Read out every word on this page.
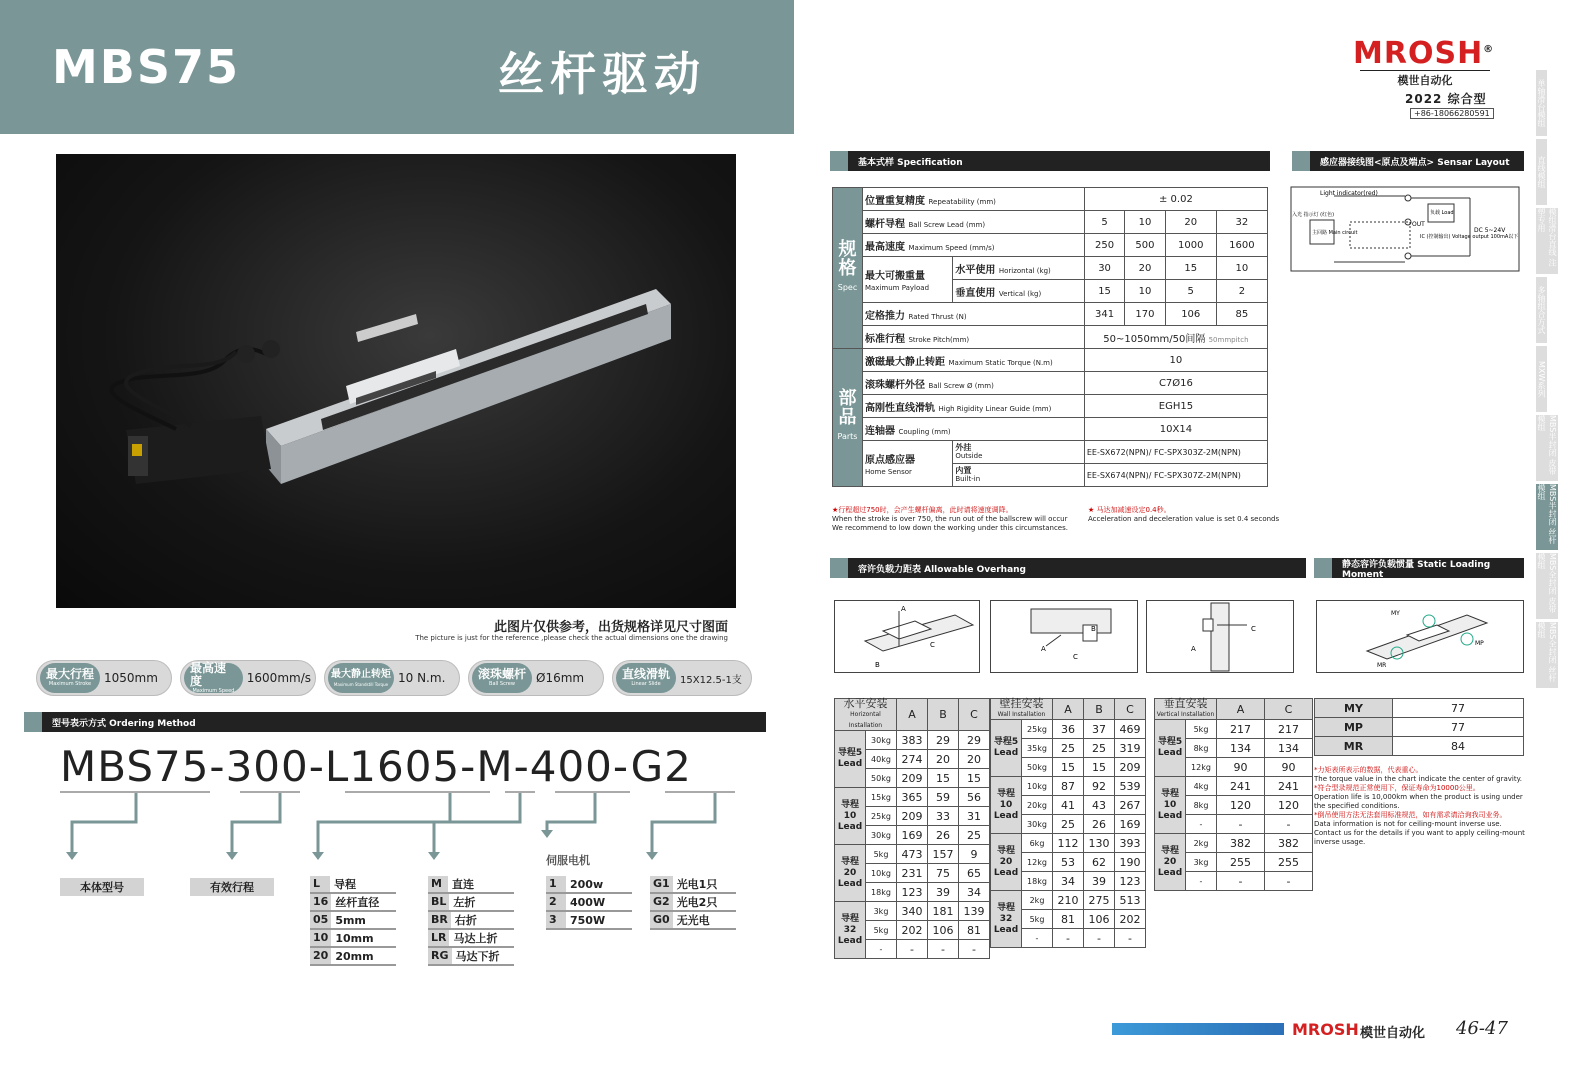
MBS75	丝杆驱动
此图片仅供参考，出货规格详见尺寸图面
The picture is just for the reference ,please check the actual dimensions one the drawing
最大行程
Maximum Stroke	1050mm
最高速度
Maximum Speed
1600mm/s	最大静止转矩
Maximum Standstill Torque 10 N.m.	滚珠螺杆
Ball Screw	Ø16mm	直线滑轨
Linear Slide	15X12.5-1支
型号表示方式 Ordering Method
MBS75-300-L1605-M-400-G2
本体型号	有效行程
伺服电机
L	导程
16 丝杆直径
05 5mm
10 10mm
20 20mm
M 直连
BL 左折
BR 右折
LR 马达上折
RG 马达下折
1	200w
2	400W
3	750W
G1 光电1只
G2 光电2只
G0 无光电
MROSH®
模世自动化
2022 综合型
+86-18066280591	单轴滑台模组
直线模组
模组滑台直线 注塑专用
多轴组合方式
MXW系列
MBS半封闭 皮带模组
MBS半封闭 丝杆模组
MBS全封闭 皮带模组
MBS全封闭 丝杆模组
基本式样 Specification	感应器接线图<原点及端点> Sensar Layout
规格
Spec	位置重复精度 Repeatability (mm)		± 0.02			
	螺杆导程 Ball Screw Lead (mm)		5	10	20	32
	最高速度 Maximum Speed (mm/s)		250	500	1000	1600
	最大可搬重量
Maximum Payload	水平使用 Horizontal (kg)	30	20	15	10
		垂直使用 Vertical (kg)	15	10	5	2
	定格推力 Rated Thrust (N)		341	170	106	85
	标准行程 Stroke Pitch(mm)		50~1050mm/50间隔 50mmpitch			
部品
Parts	激磁最大静止转距 Maximum Static Torque (N.m)		10			
	滚珠螺杆外径 Ball Screw Ø (mm)		C7Ø16			
	高刚性直线滑轨 High Rigidity Linear Guide (mm)		EGH15			
	连轴器 Coupling (mm)		10X14			
	原点感应器
Home Sensor	外挂
Outside	EE-SX672(NPN)/ FC-SPX303Z-2M(NPN)			
		内置
Built-in	EE-SX674(NPN)/ FC-SPX307Z-2M(NPN)			
★行程超过750时，会产生螺杆偏离，此时请将速度调降。
When the stroke is over 750, the run out of the ballscrew will occur
We recommend to low down the working under this circumstances.
★ 马达加减速设定0.4秒。
Acceleration and deceleration value is set 0.4 seconds
Light indicator(red)
入光 指示灯 (红色)
主回路 Main circuit
负载 Load
OUT
IC (控制输出) Voltage output 100mA以下
DC 5~24V
容许负载力距表 Allowable Overhang	静态容许负载惯量 Static Loading Moment
A
C
B
A
C
B	C
A
MY
MP
MR
水平安装
Horizontal Installation		A	B	C
导程5 Lead	30kg	383	29	29
	40kg	274	20	20
	50kg	209	15	15
导程10 Lead	15kg	365	59	56
	25kg	209	33	31
	30kg	169	26	25
导程20 Lead	5kg	473	157	9
	10kg	231	75	65
	18kg	123	39	34
导程32 Lead	3kg	340	181	139
	5kg	202	106	81
	-	-	-	-
壁挂安装
Wall Installation		A	B	C
导程5 Lead	25kg	36	37	469
	35kg	25	25	319
	50kg	15	15	209
导程10 Lead	10kg	87	92	539
	20kg	41	43	267
	30kg	25	26	169
导程20 Lead	6kg	112	130	393
	12kg	53	62	190
	18kg	34	39	123
导程32 Lead	2kg	210	275	513
	5kg	81	106	202
	-	-	-	-
垂直安装
Vertical Installation		A	C
导程5 Lead	5kg	217	217
	8kg	134	134
	12kg	90	90
导程10 Lead	4kg	241	241
	8kg	120	120
	-	-	-
导程20 Lead	2kg	382	382
	3kg	255	255
	-	-	-
MY	77
MP	77
MR	84
*力矩表所表示的数据，代表重心。
The torque value in the chart indicate the center of gravity.
*符合型录规范正常使用下，保证寿命为10000公里。
Operation life is 10,000km when the product is using under the specified conditions.
*倒吊使用方法无法套用标准规范，如有需求请洽询我司业务。
Data information is not for ceiling-mount inverse use. Contact us for the details if you want to apply ceiling-mount inverse usage.
MROSH 模世自动化 46-47
